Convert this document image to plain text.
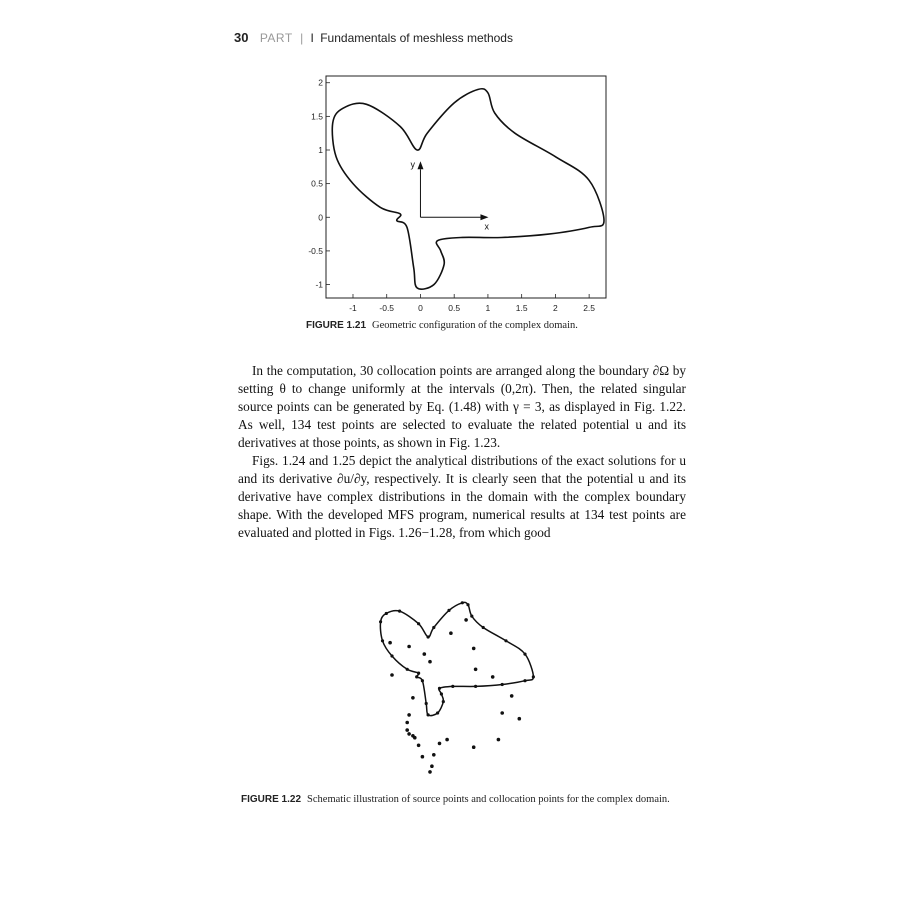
30 PART | I Fundamentals of meshless methods
-1	-0.5	0	0.5	1	1.5	2	2.5
2
1.5
1
0.5
0
-0.5
-1
x
y
FIGURE 1.21 Geometric configuration of the complex domain.

In the computation, 30 collocation points are arranged along the boundary ∂Ω by setting θ to change uniformly at the intervals (0,2π). Then, the related singular source points can be generated by Eq. (1.48) with γ = 3, as displayed in Fig. 1.22. As well, 134 test points are selected to evaluate the related potential u and its derivatives at those points, as shown in Fig. 1.23.

Figs. 1.24 and 1.25 depict the analytical distributions of the exact solutions for u and its derivative ∂u/∂y, respectively. It is clearly seen that the potential u and its derivative have complex distributions in the domain with the complex boundary shape. With the developed MFS program, numerical results at 134 test points are evaluated and plotted in Figs. 1.26−1.28, from which good

FIGURE 1.22 Schematic illustration of source points and collocation points for the complex domain.
